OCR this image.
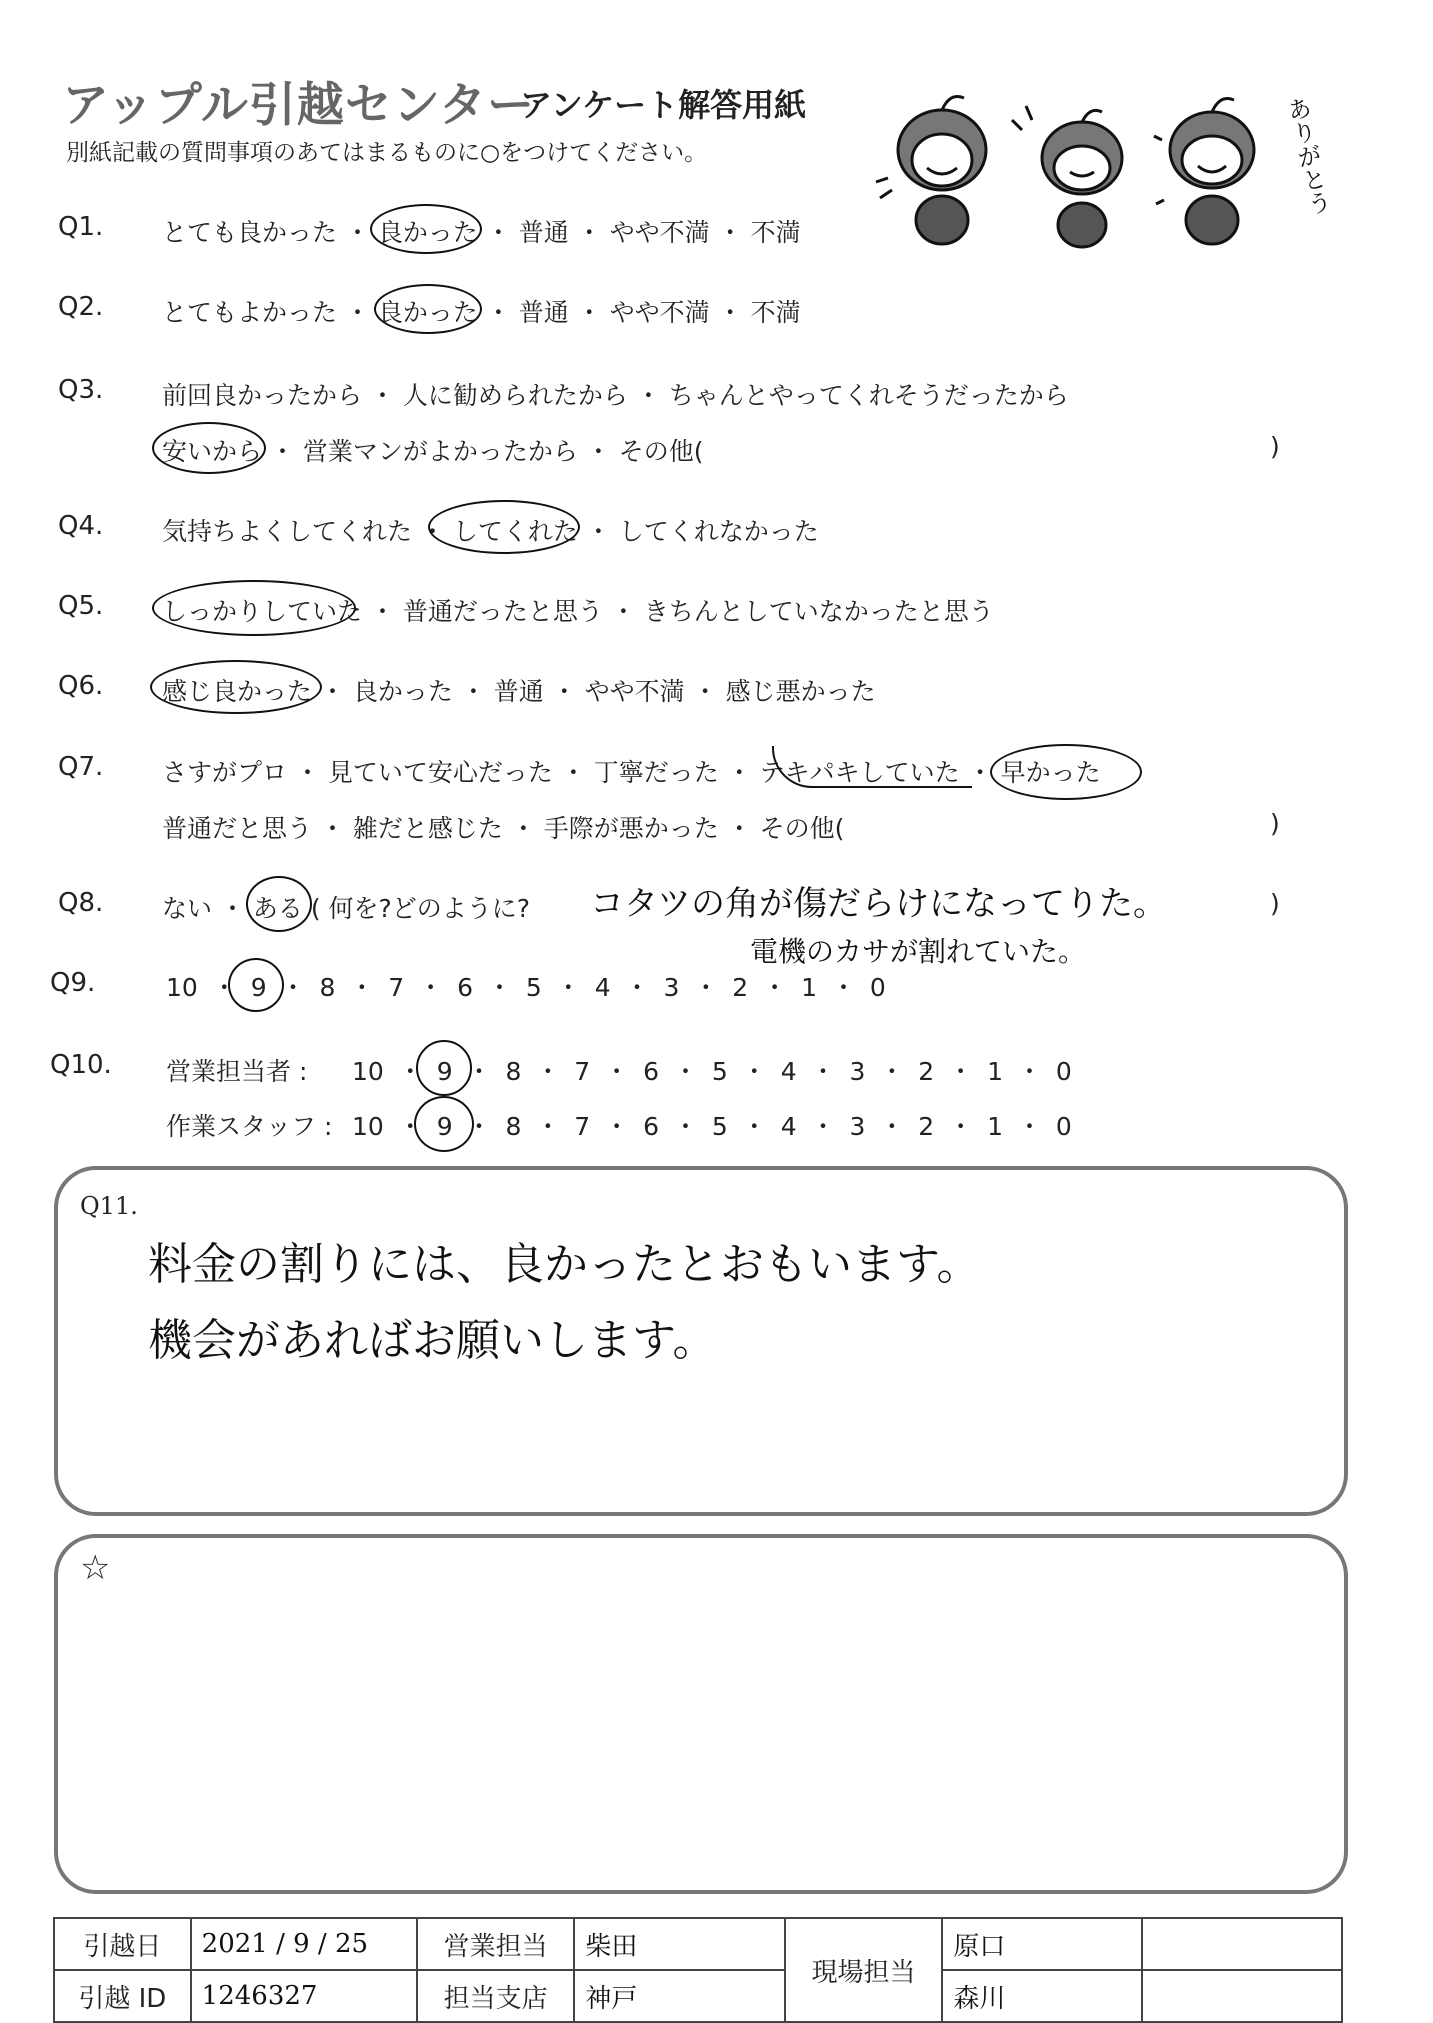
アップル引越センター
アンケート解答用紙
別紙記載の質問事項のあてはまるものに○をつけてください。	ありがとう
Q1. とても良かった ・ 良かった ・ 普通 ・ やや不満 ・ 不満
Q2. とてもよかった ・ 良かった ・ 普通 ・ やや不満 ・ 不満
Q3. 前回良かったから ・ 人に勧められたから ・ ちゃんとやってくれそうだったから
安いから ・ 営業マンがよかったから ・ その他(	)
Q4. 気持ちよくしてくれた ・ してくれた ・ してくれなかった
Q5. しっかりしていた ・ 普通だったと思う ・ きちんとしていなかったと思う
Q6. 感じ良かった ・ 良かった ・ 普通 ・ やや不満 ・ 感じ悪かった
Q7. さすがプロ ・ 見ていて安心だった ・ 丁寧だった ・ テキパキしていた ・ 早かった
普通だと思う ・ 雑だと感じた ・ 手際が悪かった ・ その他(	)
Q8. ない ・ ある ( 何を?どのように?	)
コタツの角が傷だらけになってりた。
電機のカサが割れていた。
Q9.	10 ・ 9 ・ 8 ・ 7 ・ 6 ・ 5 ・ 4 ・ 3 ・ 2 ・ 1 ・ 0
Q10. 営業担当者 : 10 ・ 9 ・ 8 ・ 7 ・ 6 ・ 5 ・ 4 ・ 3 ・ 2 ・ 1 ・ 0
作業スタッフ : 10 ・ 9 ・ 8 ・ 7 ・ 6 ・ 5 ・ 4 ・ 3 ・ 2 ・ 1 ・ 0
Q11.
料金の割りには、良かったとおもいます。
機会があればお願いします。
☆
引越日	2021 / 9 / 25	営業担当	柴田	現場担当	原口	
引越 ID	1246327	担当支店	神戸		森川	
